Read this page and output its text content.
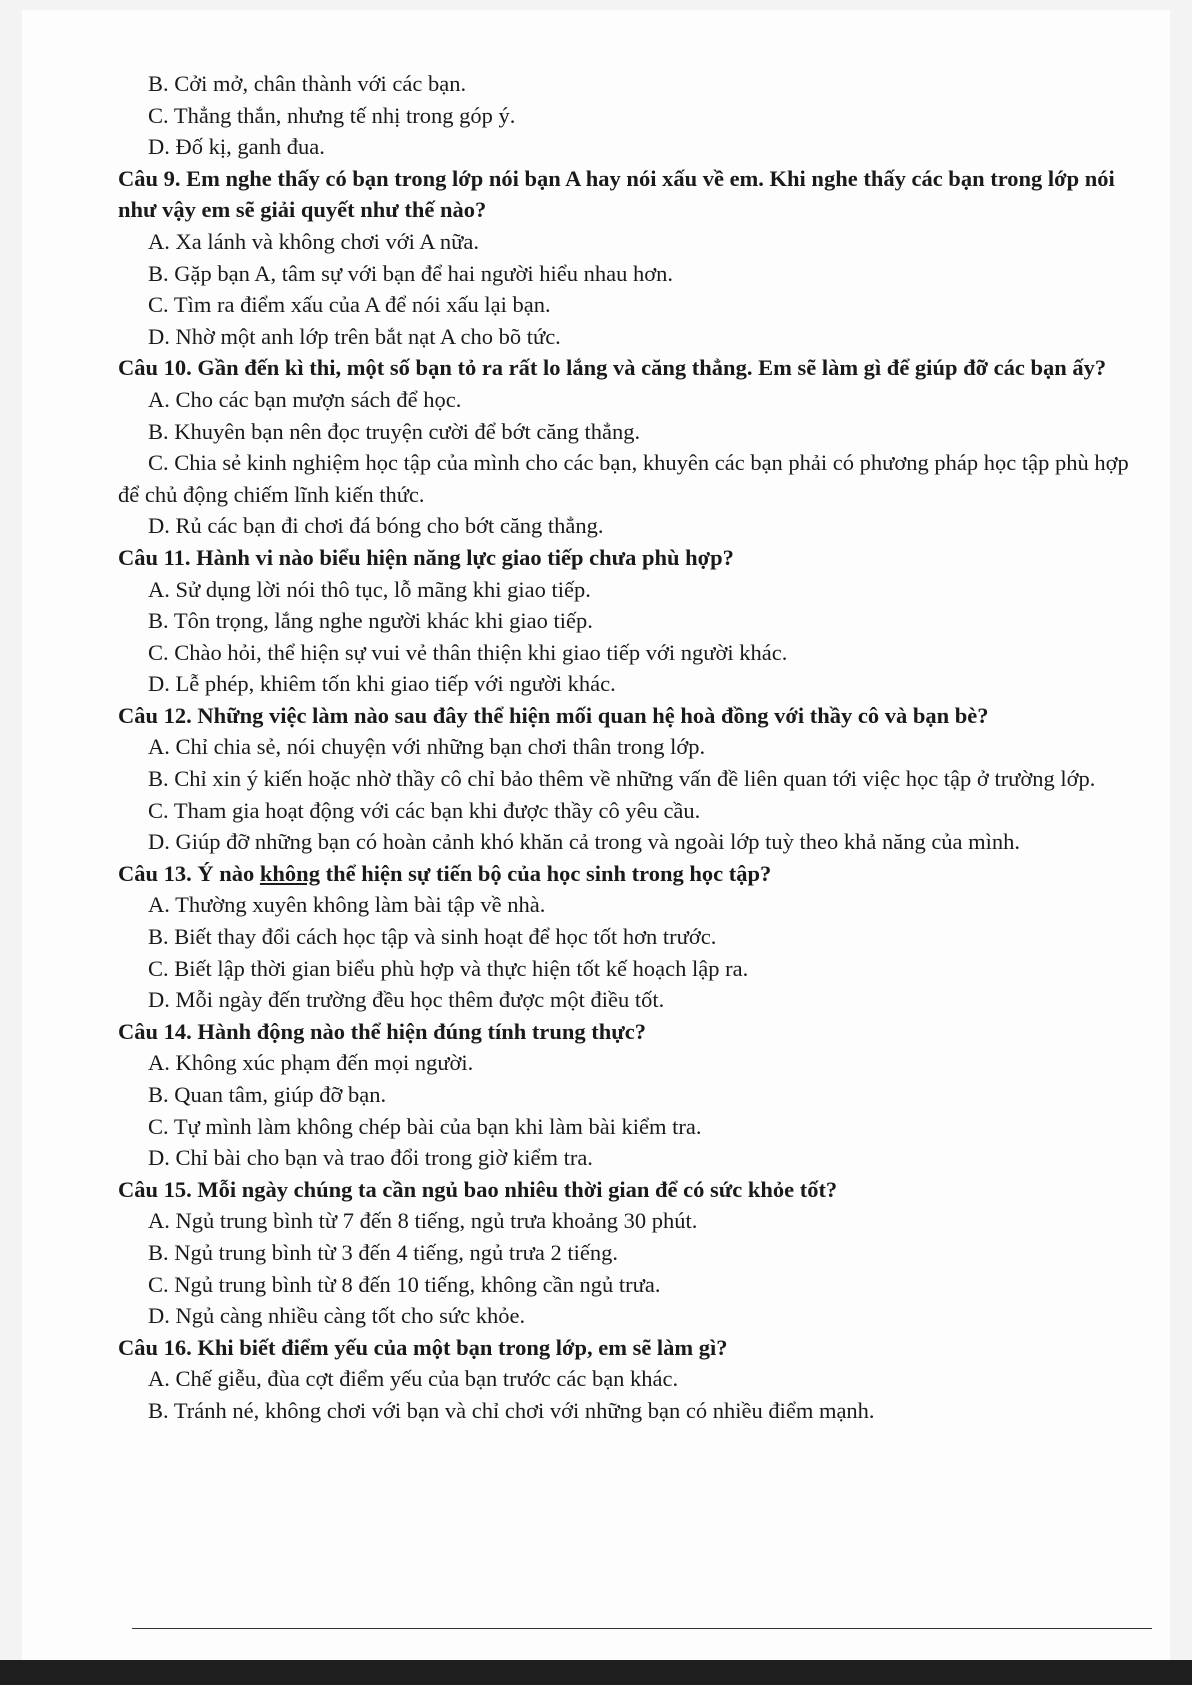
B. Cởi mở, chân thành với các bạn.

C. Thẳng thắn, nhưng tế nhị trong góp ý.

D. Đố kị, ganh đua.

Câu 9. Em nghe thấy có bạn trong lớp nói bạn A hay nói xấu về em. Khi nghe thấy các bạn trong lớp nói như vậy em sẽ giải quyết như thế nào?

A. Xa lánh và không chơi với A nữa.

B. Gặp bạn A, tâm sự với bạn để hai người hiểu nhau hơn.

C. Tìm ra điểm xấu của A để nói xấu lại bạn.

D. Nhờ một anh lớp trên bắt nạt A cho bõ tức.

Câu 10. Gần đến kì thi, một số bạn tỏ ra rất lo lắng và căng thẳng. Em sẽ làm gì để giúp đỡ các bạn ấy?

A. Cho các bạn mượn sách để học.

B. Khuyên bạn nên đọc truyện cười để bớt căng thẳng.

C. Chia sẻ kinh nghiệm học tập của mình cho các bạn, khuyên các bạn phải có phương pháp học tập phù hợp để chủ động chiếm lĩnh kiến thức.

D. Rủ các bạn đi chơi đá bóng cho bớt căng thẳng.

Câu 11. Hành vi nào biểu hiện năng lực giao tiếp chưa phù hợp?

A. Sử dụng lời nói thô tục, lỗ mãng khi giao tiếp.

B. Tôn trọng, lắng nghe người khác khi giao tiếp.

C. Chào hỏi, thể hiện sự vui vẻ thân thiện khi giao tiếp với người khác.

D. Lễ phép, khiêm tốn khi giao tiếp với người khác.

Câu 12. Những việc làm nào sau đây thể hiện mối quan hệ hoà đồng với thầy cô và bạn bè?

A. Chỉ chia sẻ, nói chuyện với những bạn chơi thân trong lớp.

B. Chỉ xin ý kiến hoặc nhờ thầy cô chỉ bảo thêm về những vấn đề liên quan tới việc học tập ở trường lớp.

C. Tham gia hoạt động với các bạn khi được thầy cô yêu cầu.

D. Giúp đỡ những bạn có hoàn cảnh khó khăn cả trong và ngoài lớp tuỳ theo khả năng của mình.

Câu 13. Ý nào không thể hiện sự tiến bộ của học sinh trong học tập?

A. Thường xuyên không làm bài tập về nhà.

B. Biết thay đổi cách học tập và sinh hoạt để học tốt hơn trước.

C. Biết lập thời gian biểu phù hợp và thực hiện tốt kế hoạch lập ra.

D. Mỗi ngày đến trường đều học thêm được một điều tốt.

Câu 14. Hành động nào thể hiện đúng tính trung thực?

A. Không xúc phạm đến mọi người.

B. Quan tâm, giúp đỡ bạn.

C. Tự mình làm không chép bài của bạn khi làm bài kiểm tra.

D. Chỉ bài cho bạn và trao đổi trong giờ kiểm tra.

Câu 15. Mỗi ngày chúng ta cần ngủ bao nhiêu thời gian để có sức khỏe tốt?

A. Ngủ trung bình từ 7 đến 8 tiếng, ngủ trưa khoảng 30 phút.

B. Ngủ trung bình từ 3 đến 4 tiếng, ngủ trưa 2 tiếng.

C. Ngủ trung bình từ 8 đến 10 tiếng, không cần ngủ trưa.

D. Ngủ càng nhiều càng tốt cho sức khỏe.

Câu 16. Khi biết điểm yếu của một bạn trong lớp, em sẽ làm gì?

A. Chế giễu, đùa cợt điểm yếu của bạn trước các bạn khác.

B. Tránh né, không chơi với bạn và chỉ chơi với những bạn có nhiều điểm mạnh.
